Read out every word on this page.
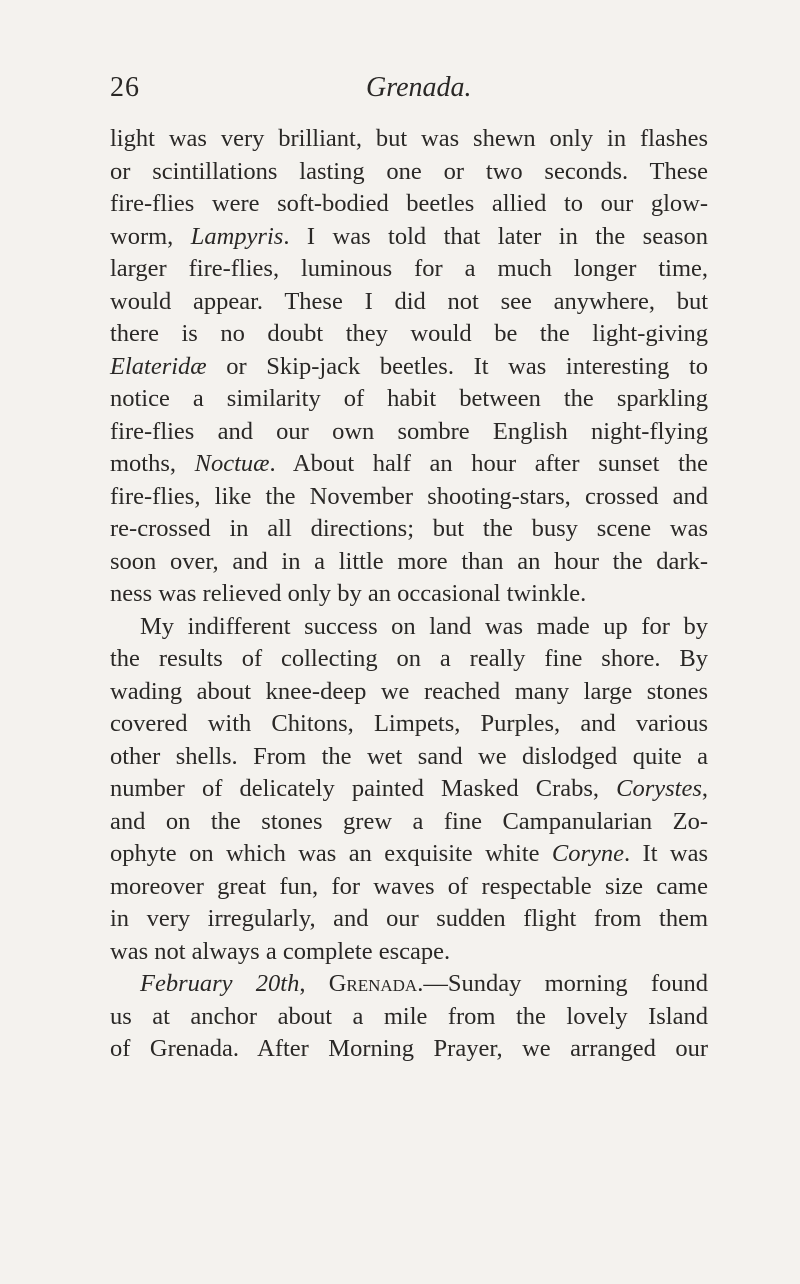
26	Grenada.
light was very brilliant, but was shewn only in flashes
or scintillations lasting one or two seconds. These
fire-flies were soft-bodied beetles allied to our glow-
worm, Lampyris. I was told that later in the season
larger fire-flies, luminous for a much longer time,
would appear. These I did not see anywhere, but
there is no doubt they would be the light-giving
Elateridæ or Skip-jack beetles. It was interesting to
notice a similarity of habit between the sparkling
fire-flies and our own sombre English night-flying
moths, Noctuæ. About half an hour after sunset the
fire-flies, like the November shooting-stars, crossed and
re-crossed in all directions; but the busy scene was
soon over, and in a little more than an hour the dark-
ness was relieved only by an occasional twinkle.
My indifferent success on land was made up for by
the results of collecting on a really fine shore. By
wading about knee-deep we reached many large stones
covered with Chitons, Limpets, Purples, and various
other shells. From the wet sand we dislodged quite a
number of delicately painted Masked Crabs, Corystes,
and on the stones grew a fine Campanularian Zo-
ophyte on which was an exquisite white Coryne. It was
moreover great fun, for waves of respectable size came
in very irregularly, and our sudden flight from them
was not always a complete escape.
February 20th, Grenada.—Sunday morning found
us at anchor about a mile from the lovely Island
of Grenada. After Morning Prayer, we arranged our
